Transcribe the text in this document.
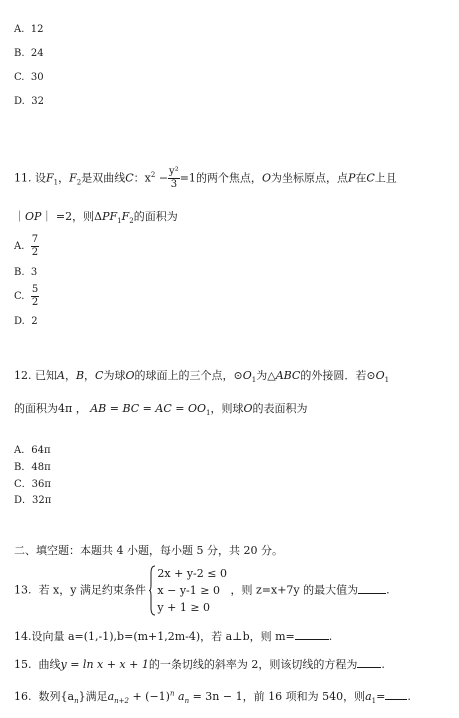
A. 12
B. 24
C. 30
D. 32
11. 设$F_1$，$F_2$是双曲线C：$x^2 - \frac{\text{y²}}{3} =1$的两个焦点，O为坐标原点，点P在C上且
｜OP｜ =2，则$\Delta PF_1F_2$的面积为
A. $\frac{7}{2}$
B. 3
C. $\frac{5}{2}$
D. 2
12. 已知A，B，C为球O的球面上的三个点，$⊙O_1$为△ABC的外接圆．若$⊙O_1$
的面积为4π ， AB = BC = AC = $OO_1$，则球O的表面积为
A．64π
B．48π
C．36π
D．32π
二、填空题：本题共 4 小题，每小题 5 分，共 20 分。
13. 若 x，y 满足约束条件
2x + y-2 ≤ 0
x − y-1 ≥ 0
y + 1 ≥ 0
，则 z=x+7y 的最大值为	.
14.设向量 a=(1,-1),b=(m+1,2m-4)，若 a⊥b，则 m=	.
15. 曲线y = ln x + x + 1的一条切线的斜率为 2，则该切线的方程为 .
16. 数列$\{a_n\}$满足$a_{n+2} + (-1)^n$ $a_n = 3n - 1$，前 16 项和为 540，则$a_1=$ .
